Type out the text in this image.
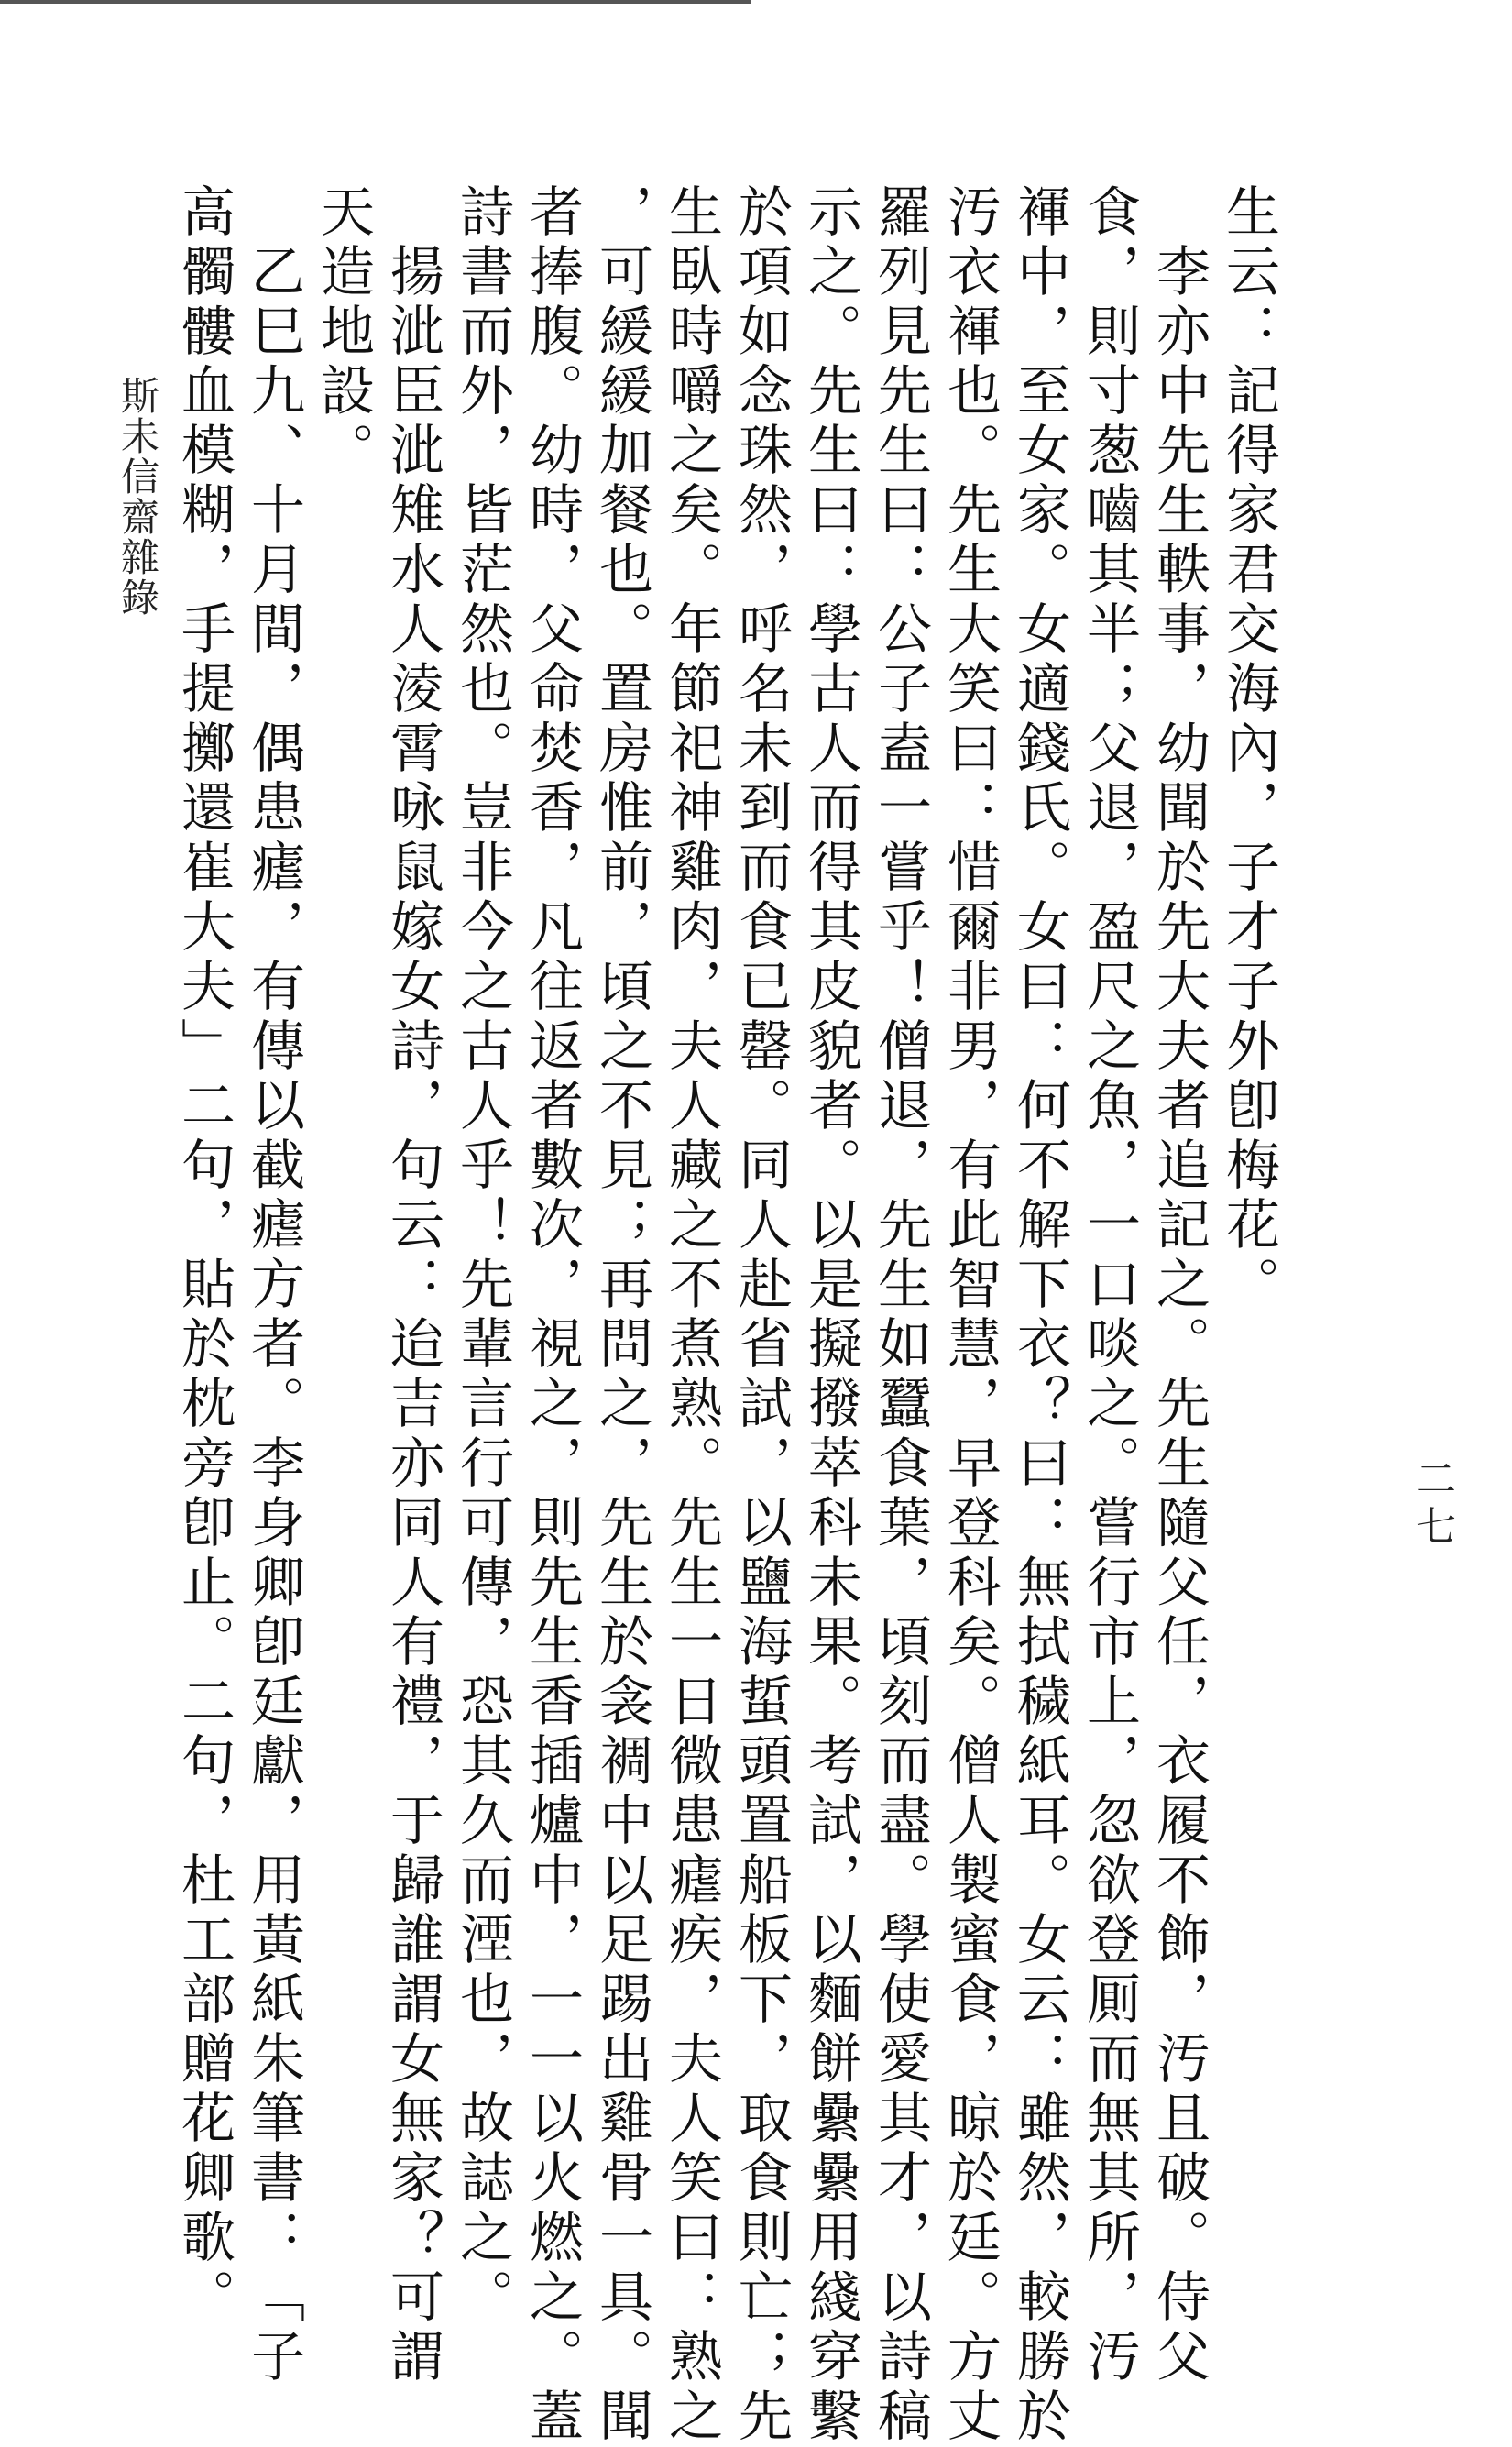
生云：記得家君交海內，子才子外卽梅花。
　李亦中先生軼事，幼聞於先大夫者追記之。先生隨父任，衣履不飾，汚且破。侍父
食，則寸葱嚙其半；父退，盈尺之魚，一口啖之。嘗行市上，忽欲登厠而無其所，汚
褌中，至女家。女適錢氏。女曰：何不解下衣？曰：無拭穢紙耳。女云：雖然，較勝於
汚衣褌也。先生大笑曰：惜爾非男，有此智慧，早登科矣。僧人製蜜食，晾於廷。方丈
羅列見先生曰：公子盍一嘗乎！僧退，先生如蠶食葉，頃刻而盡。學使愛其才，以詩稿
示之。先生曰：學古人而得其皮貌者。以是擬撥萃科未果。考試，以麵餅纍纍用綫穿繫
於項如念珠然，呼名未到而食已罄。同人赴省試，以鹽海蜇頭置船板下，取食則亡；先
生臥時嚼之矣。年節祀神雞肉，夫人藏之不煮熟。先生一日微患瘧疾，夫人笑曰：熟之
，可緩緩加餐也。置房惟前，頃之不見；再問之，先生於衾裯中以足踢出雞骨一具。聞
者捧腹。幼時，父命焚香，凡往返者數次，視之，則先生香插爐中，一一以火燃之。蓋
詩書而外，皆茫然也。豈非今之古人乎！先輩言行可傳，恐其久而湮也，故誌之。
　揚泚臣泚雉水人淩霄咏鼠嫁女詩，句云：迨吉亦同人有禮，于歸誰謂女無家？可謂
天造地設。
　乙巳九、十月間，偶患瘧，有傳以截瘧方者。李身卿卽廷獻，用黃紙朱筆書：「子
高髑髏血模糊，手提擲還崔大夫」二句，貼於枕旁卽止。二句，杜工部贈花卿歌。
斯未信齋雜錄
二七
